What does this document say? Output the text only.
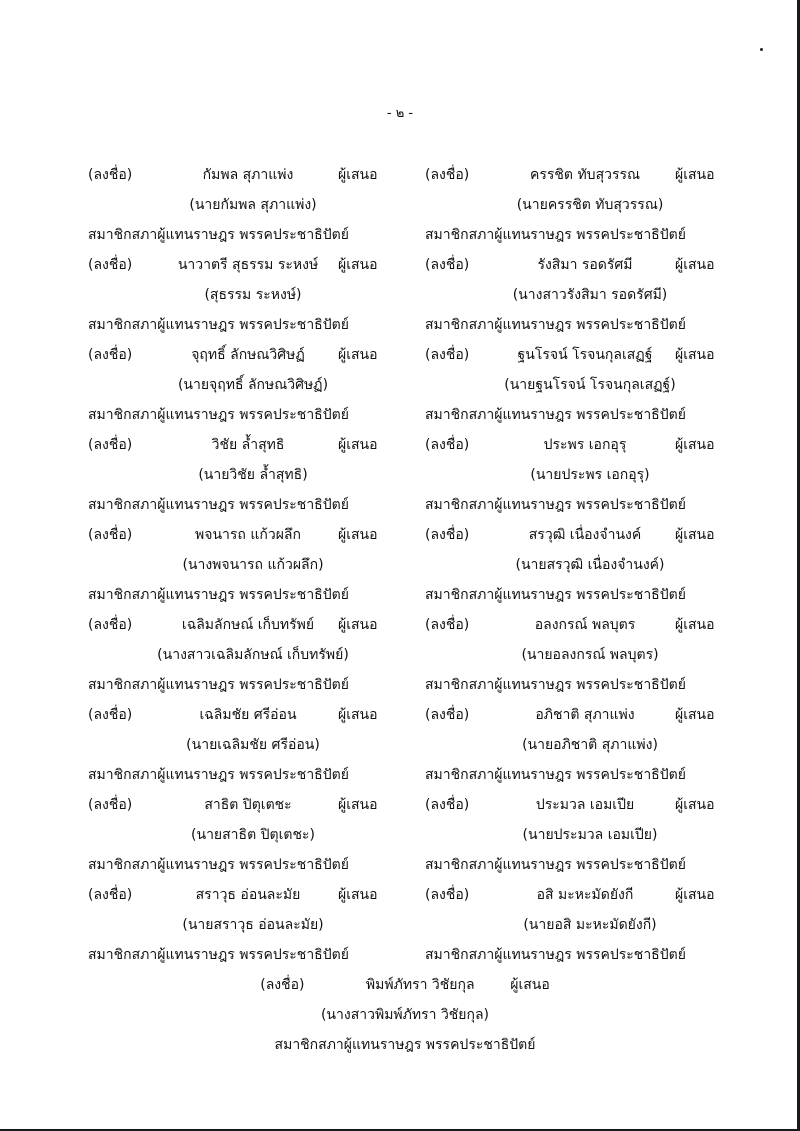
- ๒ -
(ลงชื่อ)	กัมพล สุภาแพ่ง	ผู้เสนอ
(นายกัมพล สุภาแพ่ง)
สมาชิกสภาผู้แทนราษฎร พรรคประชาธิปัตย์
(ลงชื่อ)	นาวาตรี สุธรรม ระหงษ์	ผู้เสนอ
(สุธรรม ระหงษ์)
สมาชิกสภาผู้แทนราษฎร พรรคประชาธิปัตย์
(ลงชื่อ)	จุฤทธิ์ ลักษณวิศิษฏ์	ผู้เสนอ
(นายจุฤทธิ์ ลักษณวิศิษฏ์)
สมาชิกสภาผู้แทนราษฎร พรรคประชาธิปัตย์
(ลงชื่อ)	วิชัย ล้ำสุทธิ	ผู้เสนอ
(นายวิชัย ล้ำสุทธิ)
สมาชิกสภาผู้แทนราษฎร พรรคประชาธิปัตย์
(ลงชื่อ)	พจนารถ แก้วผลึก	ผู้เสนอ
(นางพจนารถ แก้วผลึก)
สมาชิกสภาผู้แทนราษฎร พรรคประชาธิปัตย์
(ลงชื่อ)	เฉลิมลักษณ์ เก็บทรัพย์	ผู้เสนอ
(นางสาวเฉลิมลักษณ์ เก็บทรัพย์)
สมาชิกสภาผู้แทนราษฎร พรรคประชาธิปัตย์
(ลงชื่อ)	เฉลิมชัย ศรีอ่อน	ผู้เสนอ
(นายเฉลิมชัย ศรีอ่อน)
สมาชิกสภาผู้แทนราษฎร พรรคประชาธิปัตย์
(ลงชื่อ)	สาธิต ปิตุเตชะ	ผู้เสนอ
(นายสาธิต ปิตุเตชะ)
สมาชิกสภาผู้แทนราษฎร พรรคประชาธิปัตย์
(ลงชื่อ)	สราวุธ อ่อนละมัย	ผู้เสนอ
(นายสราวุธ อ่อนละมัย)
สมาชิกสภาผู้แทนราษฎร พรรคประชาธิปัตย์
(ลงชื่อ)	ครรชิต ทับสุวรรณ	ผู้เสนอ
(นายครรชิต ทับสุวรรณ)
สมาชิกสภาผู้แทนราษฎร พรรคประชาธิปัตย์
(ลงชื่อ)	รังสิมา รอดรัศมี	ผู้เสนอ
(นางสาวรังสิมา รอดรัศมี)
สมาชิกสภาผู้แทนราษฎร พรรคประชาธิปัตย์
(ลงชื่อ)	ฐนโรจน์ โรจนกุลเสฏฐ์	ผู้เสนอ
(นายฐนโรจน์ โรจนกุลเสฏฐ์)
สมาชิกสภาผู้แทนราษฎร พรรคประชาธิปัตย์
(ลงชื่อ)	ประพร เอกอุรุ	ผู้เสนอ
(นายประพร เอกอุรุ)
สมาชิกสภาผู้แทนราษฎร พรรคประชาธิปัตย์
(ลงชื่อ)	สรวุฒิ เนื่องจำนงค์	ผู้เสนอ
(นายสรวุฒิ เนื่องจำนงค์)
สมาชิกสภาผู้แทนราษฎร พรรคประชาธิปัตย์
(ลงชื่อ)	อลงกรณ์ พลบุตร	ผู้เสนอ
(นายอลงกรณ์ พลบุตร)
สมาชิกสภาผู้แทนราษฎร พรรคประชาธิปัตย์
(ลงชื่อ)	อภิชาติ สุภาแพ่ง	ผู้เสนอ
(นายอภิชาติ สุภาแพ่ง)
สมาชิกสภาผู้แทนราษฎร พรรคประชาธิปัตย์
(ลงชื่อ)	ประมวล เอมเปีย	ผู้เสนอ
(นายประมวล เอมเปีย)
สมาชิกสภาผู้แทนราษฎร พรรคประชาธิปัตย์
(ลงชื่อ)	อสิ มะหะมัดยังกี	ผู้เสนอ
(นายอสิ มะหะมัดยังกี)
สมาชิกสภาผู้แทนราษฎร พรรคประชาธิปัตย์
(ลงชื่อ)	พิมพ์ภัทรา วิชัยกุล	ผู้เสนอ
(นางสาวพิมพ์ภัทรา วิชัยกุล)
สมาชิกสภาผู้แทนราษฎร พรรคประชาธิปัตย์
